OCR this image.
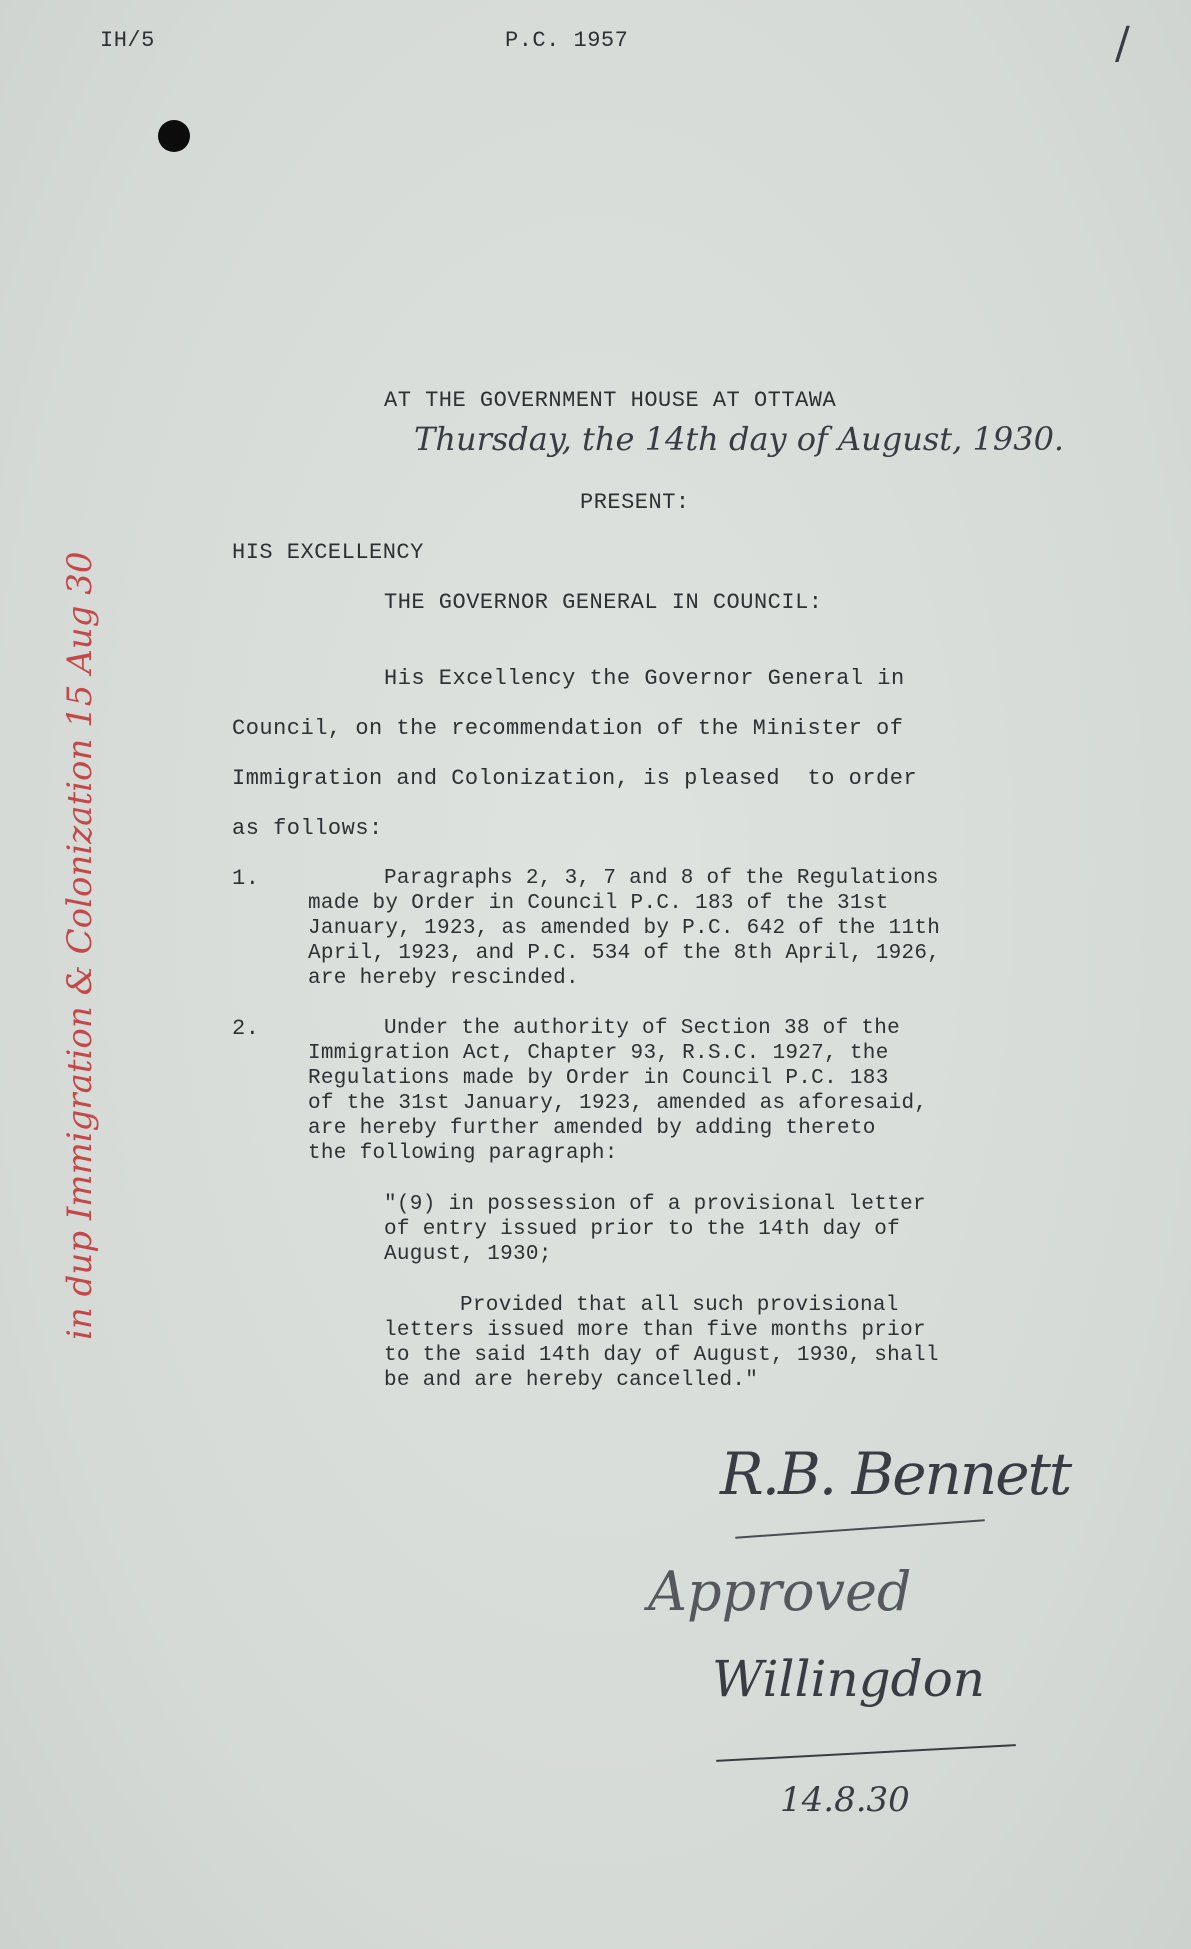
IH/5	P.C. 1957	/
AT THE GOVERNMENT HOUSE AT OTTAWA
Thursday, the 14th day of August, 1930.
PRESENT:
HIS EXCELLENCY
THE GOVERNOR GENERAL IN COUNCIL:
His Excellency the Governor General in
Council, on the recommendation of the Minister of
Immigration and Colonization, is pleased  to order
as follows:
1.	Paragraphs 2, 3, 7 and 8 of the Regulations
made by Order in Council P.C. 183 of the 31st
January, 1923, as amended by P.C. 642 of the 11th
April, 1923, and P.C. 534 of the 8th April, 1926,
are hereby rescinded.
2.	Under the authority of Section 38 of the
Immigration Act, Chapter 93, R.S.C. 1927, the
Regulations made by Order in Council P.C. 183
of the 31st January, 1923, amended as aforesaid,
are hereby further amended by adding thereto
the following paragraph:
"(9) in possession of a provisional letter
of entry issued prior to the 14th day of
August, 1930;
Provided that all such provisional
letters issued more than five months prior
to the said 14th day of August, 1930, shall
be and are hereby cancelled."
R.B. Bennett
Approved
Willingdon
14.8.30
in dup Immigration & Colonization 15 Aug 30
